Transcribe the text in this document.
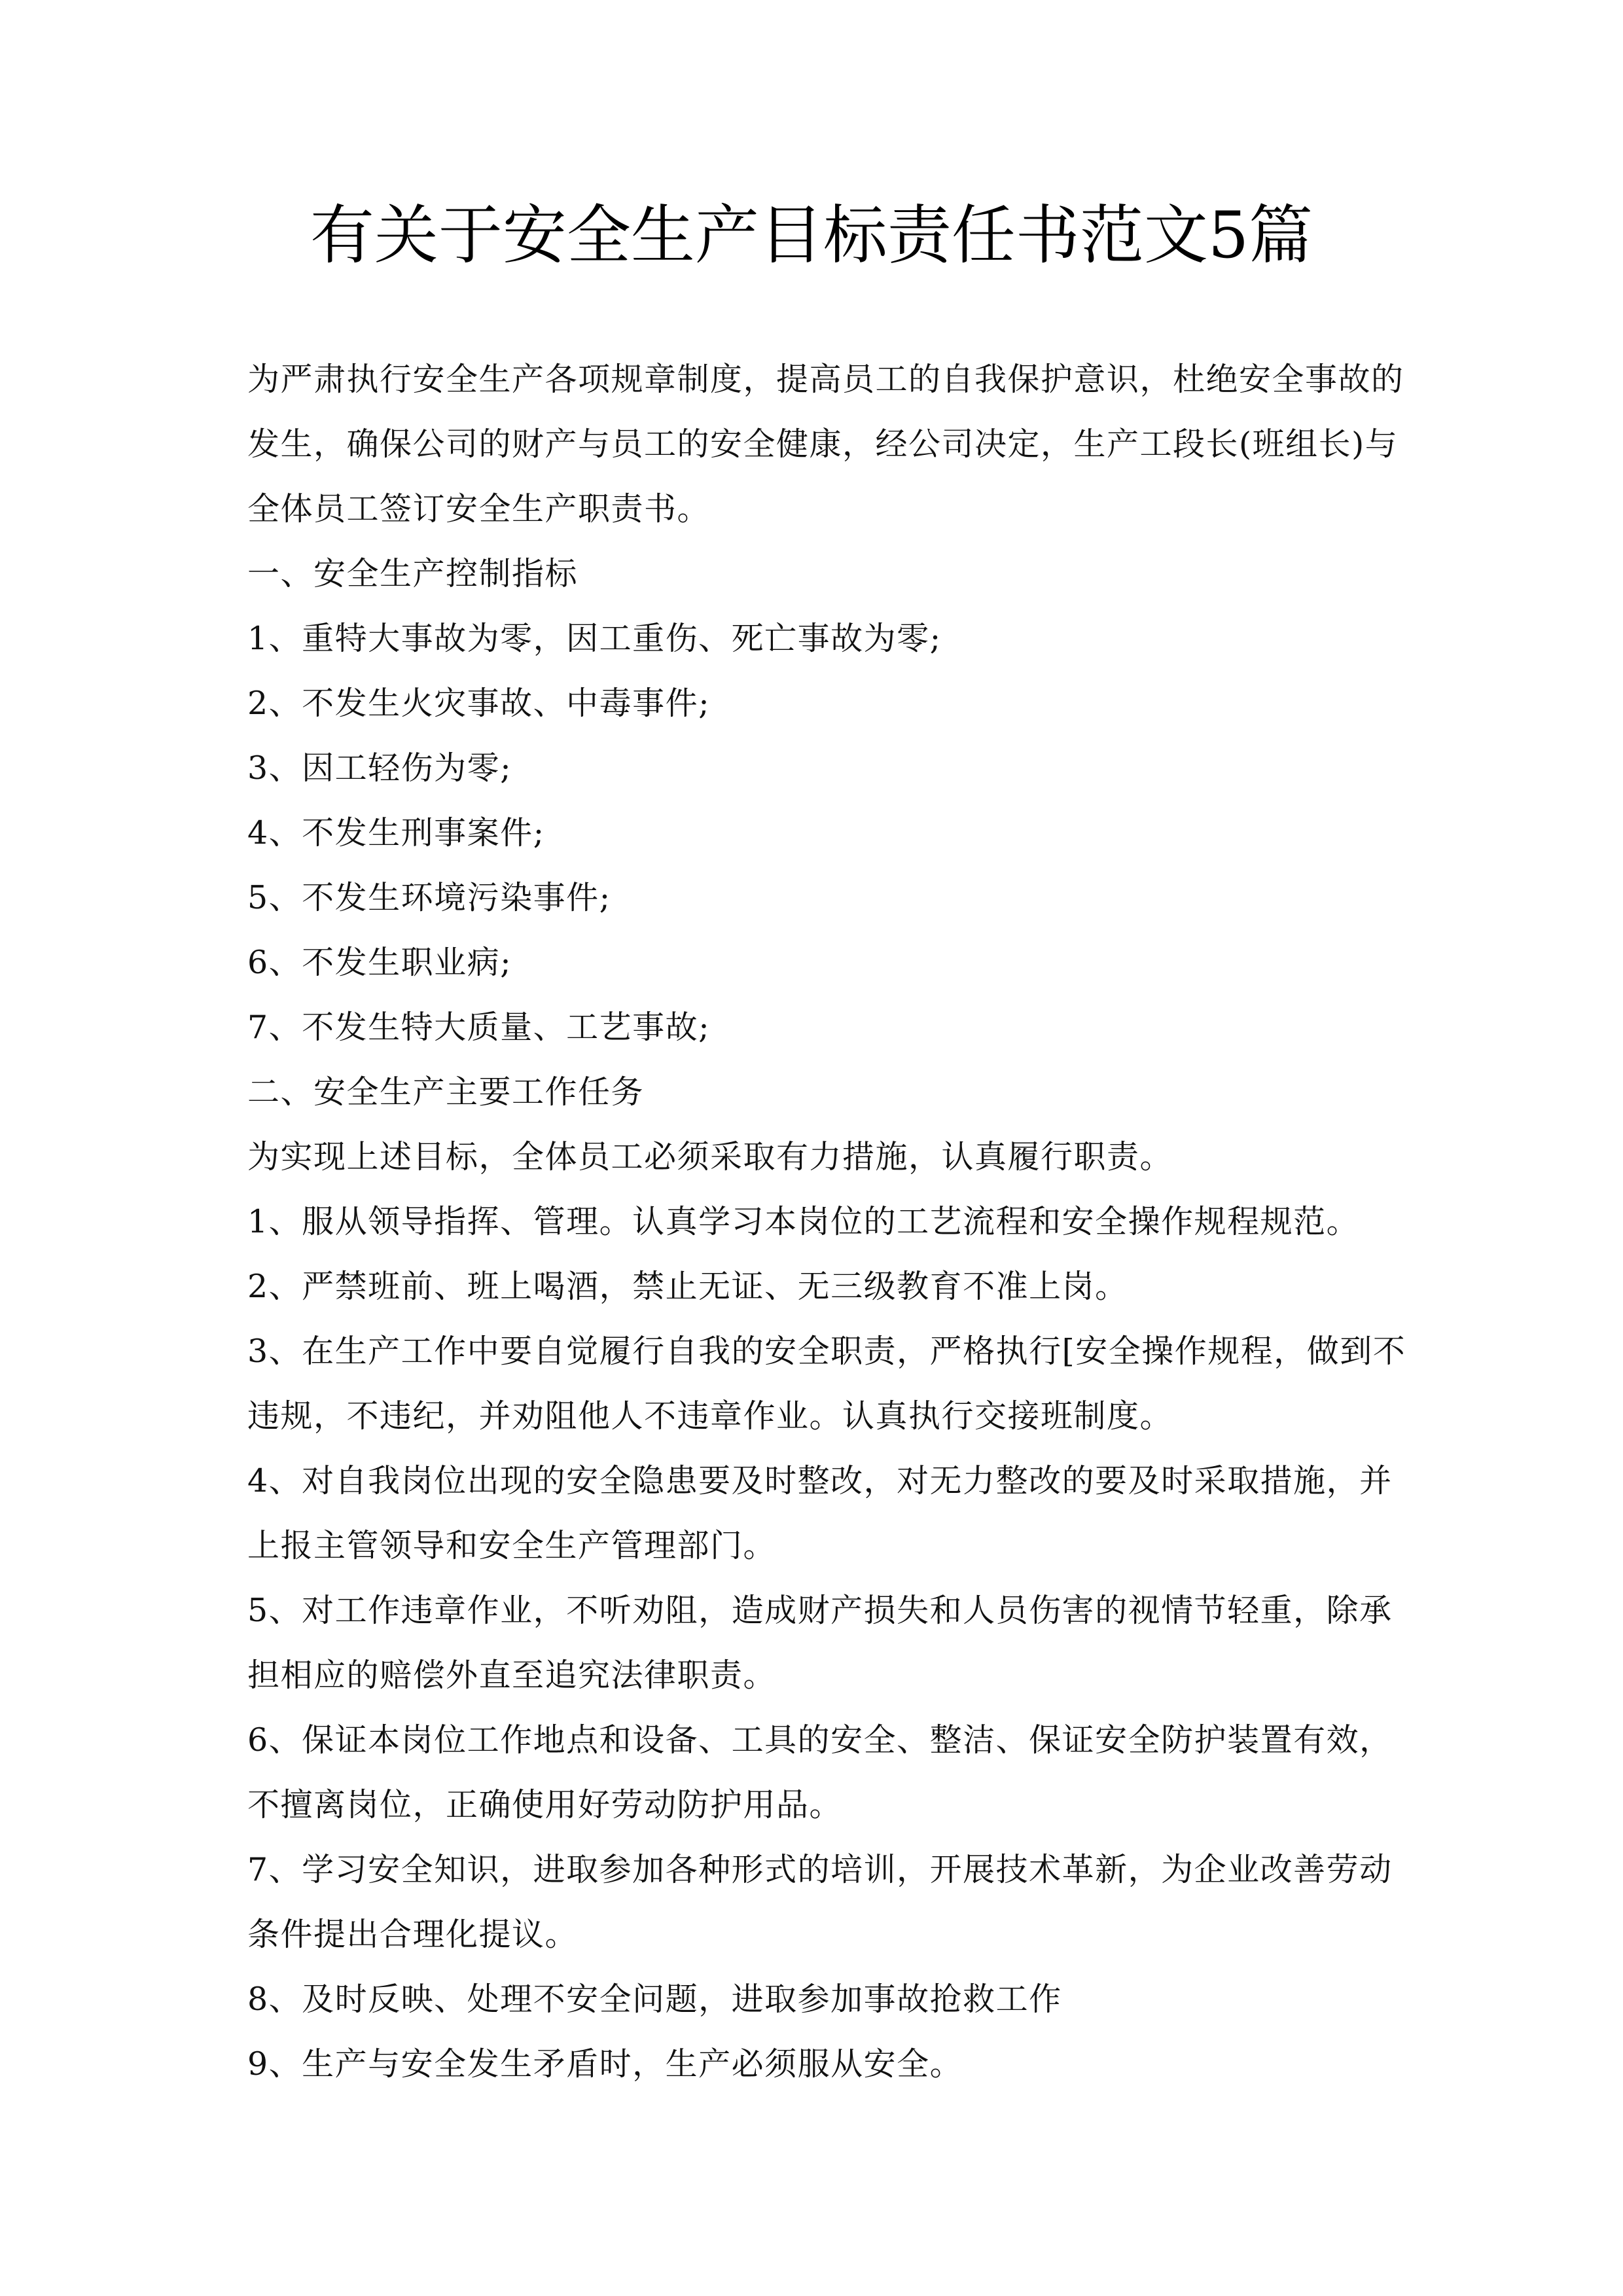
有关于安全生产目标责任书范文5篇
为严肃执行安全生产各项规章制度，提高员工的自我保护意识，杜绝安全事故的
发生，确保公司的财产与员工的安全健康，经公司决定，生产工段长(班组长)与
全体员工签订安全生产职责书。
一、安全生产控制指标
1、重特大事故为零，因工重伤、死亡事故为零;
2、不发生火灾事故、中毒事件;
3、因工轻伤为零;
4、不发生刑事案件;
5、不发生环境污染事件;
6、不发生职业病;
7、不发生特大质量、工艺事故;
二、安全生产主要工作任务
为实现上述目标，全体员工必须采取有力措施，认真履行职责。
1、服从领导指挥、管理。认真学习本岗位的工艺流程和安全操作规程规范。
2、严禁班前、班上喝酒，禁止无证、无三级教育不准上岗。
3、在生产工作中要自觉履行自我的安全职责，严格执行[安全操作规程，做到不
违规，不违纪，并劝阻他人不违章作业。认真执行交接班制度。
4、对自我岗位出现的安全隐患要及时整改，对无力整改的要及时采取措施，并
上报主管领导和安全生产管理部门。
5、对工作违章作业，不听劝阻，造成财产损失和人员伤害的视情节轻重，除承
担相应的赔偿外直至追究法律职责。
6、保证本岗位工作地点和设备、工具的安全、整洁、保证安全防护装置有效，
不擅离岗位，正确使用好劳动防护用品。
7、学习安全知识，进取参加各种形式的培训，开展技术革新，为企业改善劳动
条件提出合理化提议。
8、及时反映、处理不安全问题，进取参加事故抢救工作
9、生产与安全发生矛盾时，生产必须服从安全。
